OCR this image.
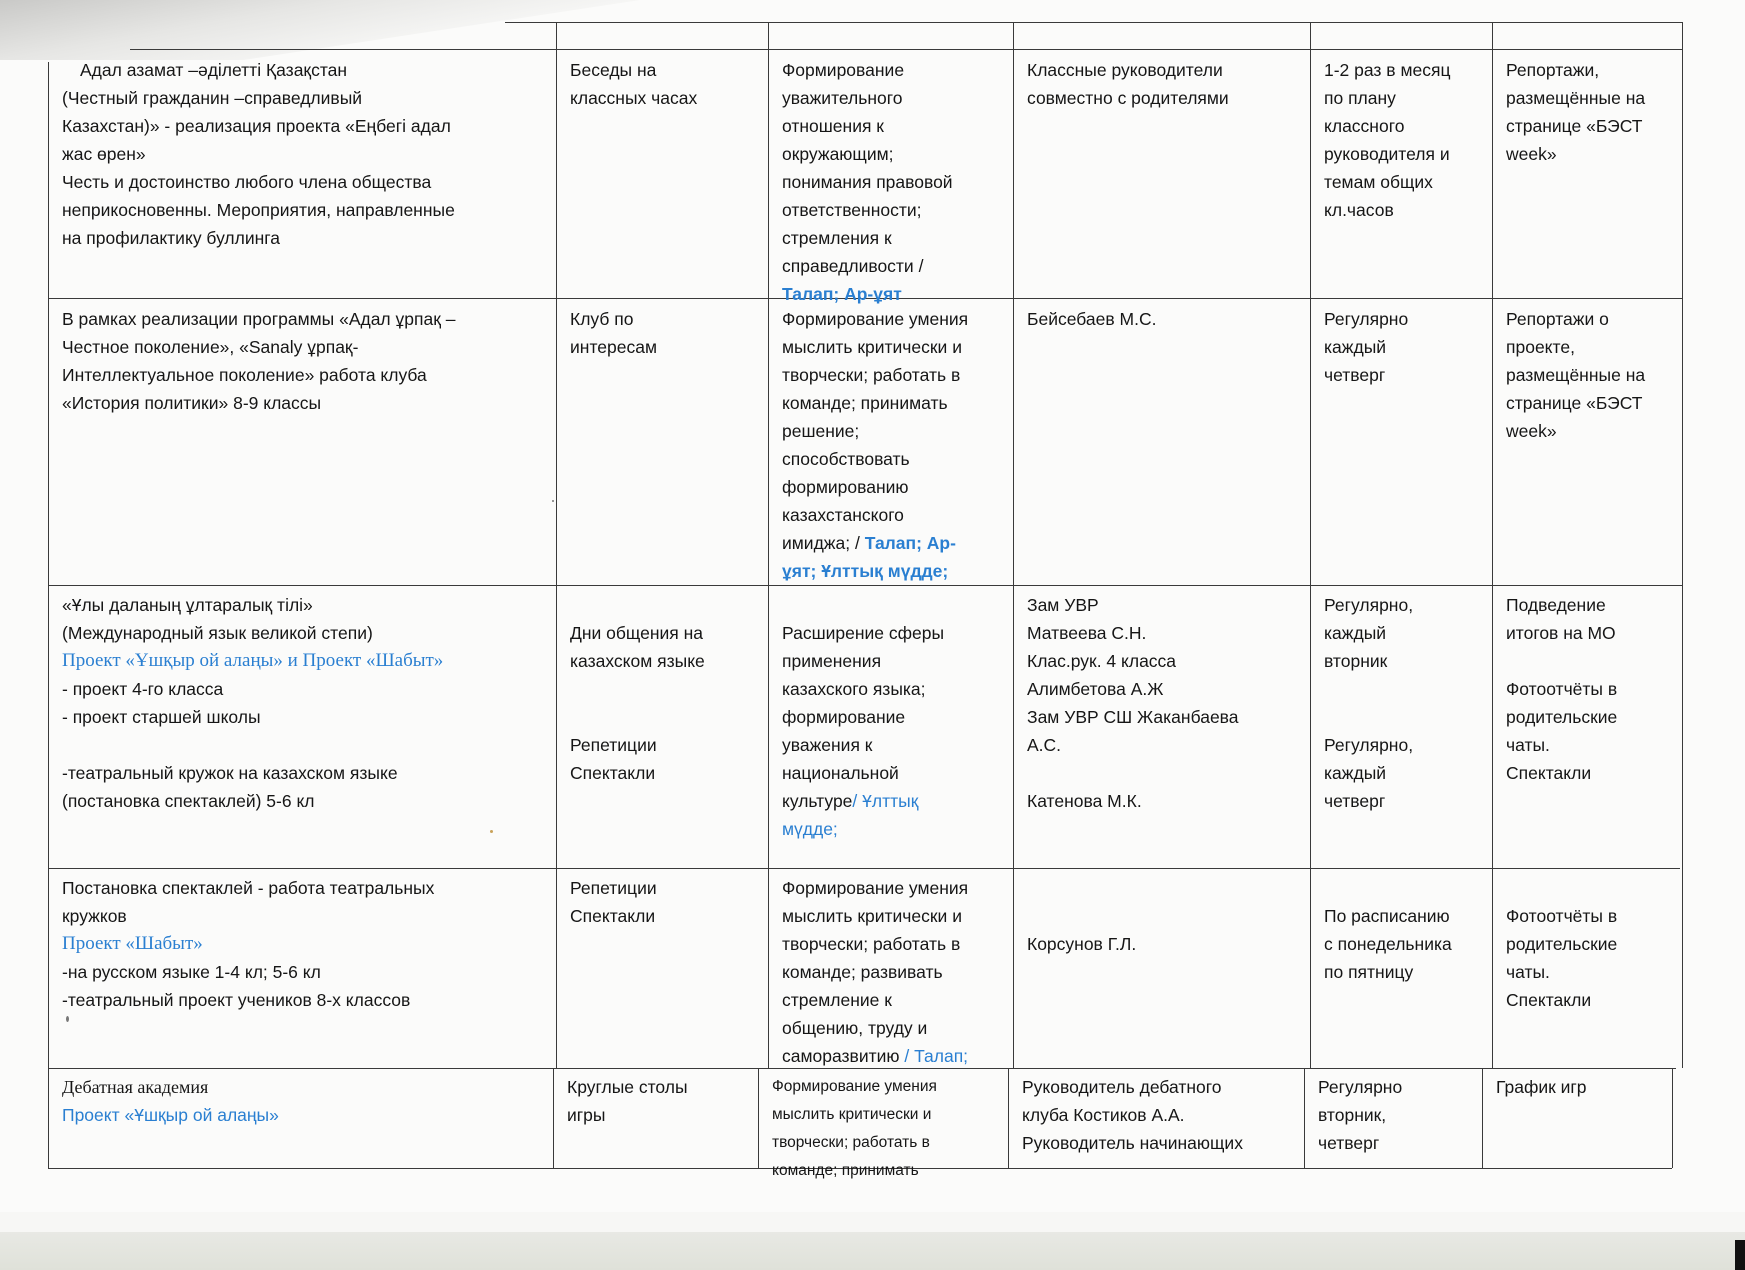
Адал азамат –әділетті Қазақстан
(Честный гражданин –справедливый
Казахстан)» - реализация проекта «Еңбегі адал
жас өрен»
Честь и достоинство любого члена общества
неприкосновенны. Мероприятия, направленные
на профилактику буллинга
Беседы на
классных часах
Формирование
уважительного
отношения к
окружающим;
понимания правовой
ответственности;
стремления к
справедливости /
Талап; Ар-ұят
Классные руководители
совместно с родителями
1-2 раз в месяц
по плану
классного
руководителя и
темам общих
кл.часов
Репортажи,
размещённые на
странице «БЭСТ
week»
В рамках реализации программы «Адал ұрпақ –
Честное поколение», «Sanaly ұрпақ-
Интеллектуальное поколение» работа клуба
«История политики» 8-9 классы
Клуб по
интересам
Формирование умения
мыслить критически и
творчески; работать в
команде; принимать
решение;
способствовать
формированию
казахстанского
имиджа; / Талап; Ар-

ұят; Ұлттық мүдде;
Бейсебаев М.С.	Регулярно
каждый
четверг
Репортажи о
проекте,
размещённые на
странице «БЭСТ
week»
«Ұлы даланың ұлтаралық тілі»
(Международный язык великой степи)
Проект «Ұшқыр ой алаңы» и Проект «Шабыт»
- проект 4-го класса
- проект старшей школы

-театральный кружок на казахском языке
(постановка спектаклей) 5-6 кл

Дни общения на
казахском языке

Репетиции
Спектакли

Расширение сферы
применения
казахского языка;
формирование
уважения к
национальной
культуре/ Ұлттық

мүдде;
Зам УВР
Матвеева С.Н.
Клас.рук. 4 класса
Алимбетова А.Ж
Зам УВР СШ Жаканбаева
А.С.

Катенова М.К.
Регулярно,
каждый
вторник

Регулярно,
каждый
четверг
Подведение
итогов на МО

Фотоотчёты в
родительские
чаты.
Спектакли
Постановка спектаклей - работа театральных
кружков
Проект «Шабыт»
-на русском языке 1-4 кл; 5-6 кл
-театральный проект учеников 8-х классов
Репетиции
Спектакли
Формирование умения
мыслить критически и
творчески; работать в
команде; развивать
стремление к
общению, труду и
саморазвитию / Талап;

Корсунов Г.Л.

По расписанию
с понедельника
по пятницу

Фотоотчёты в
родительские
чаты.
Спектакли
Дебатная академия
Проект «Ұшқыр ой алаңы»
Круглые столы
игры
Формирование умения
мыслить критически и
творчески; работать в
команде; принимать
Руководитель дебатного
клуба Костиков А.А.
Руководитель начинающих
Регулярно
вторник,
четверг
График игр
